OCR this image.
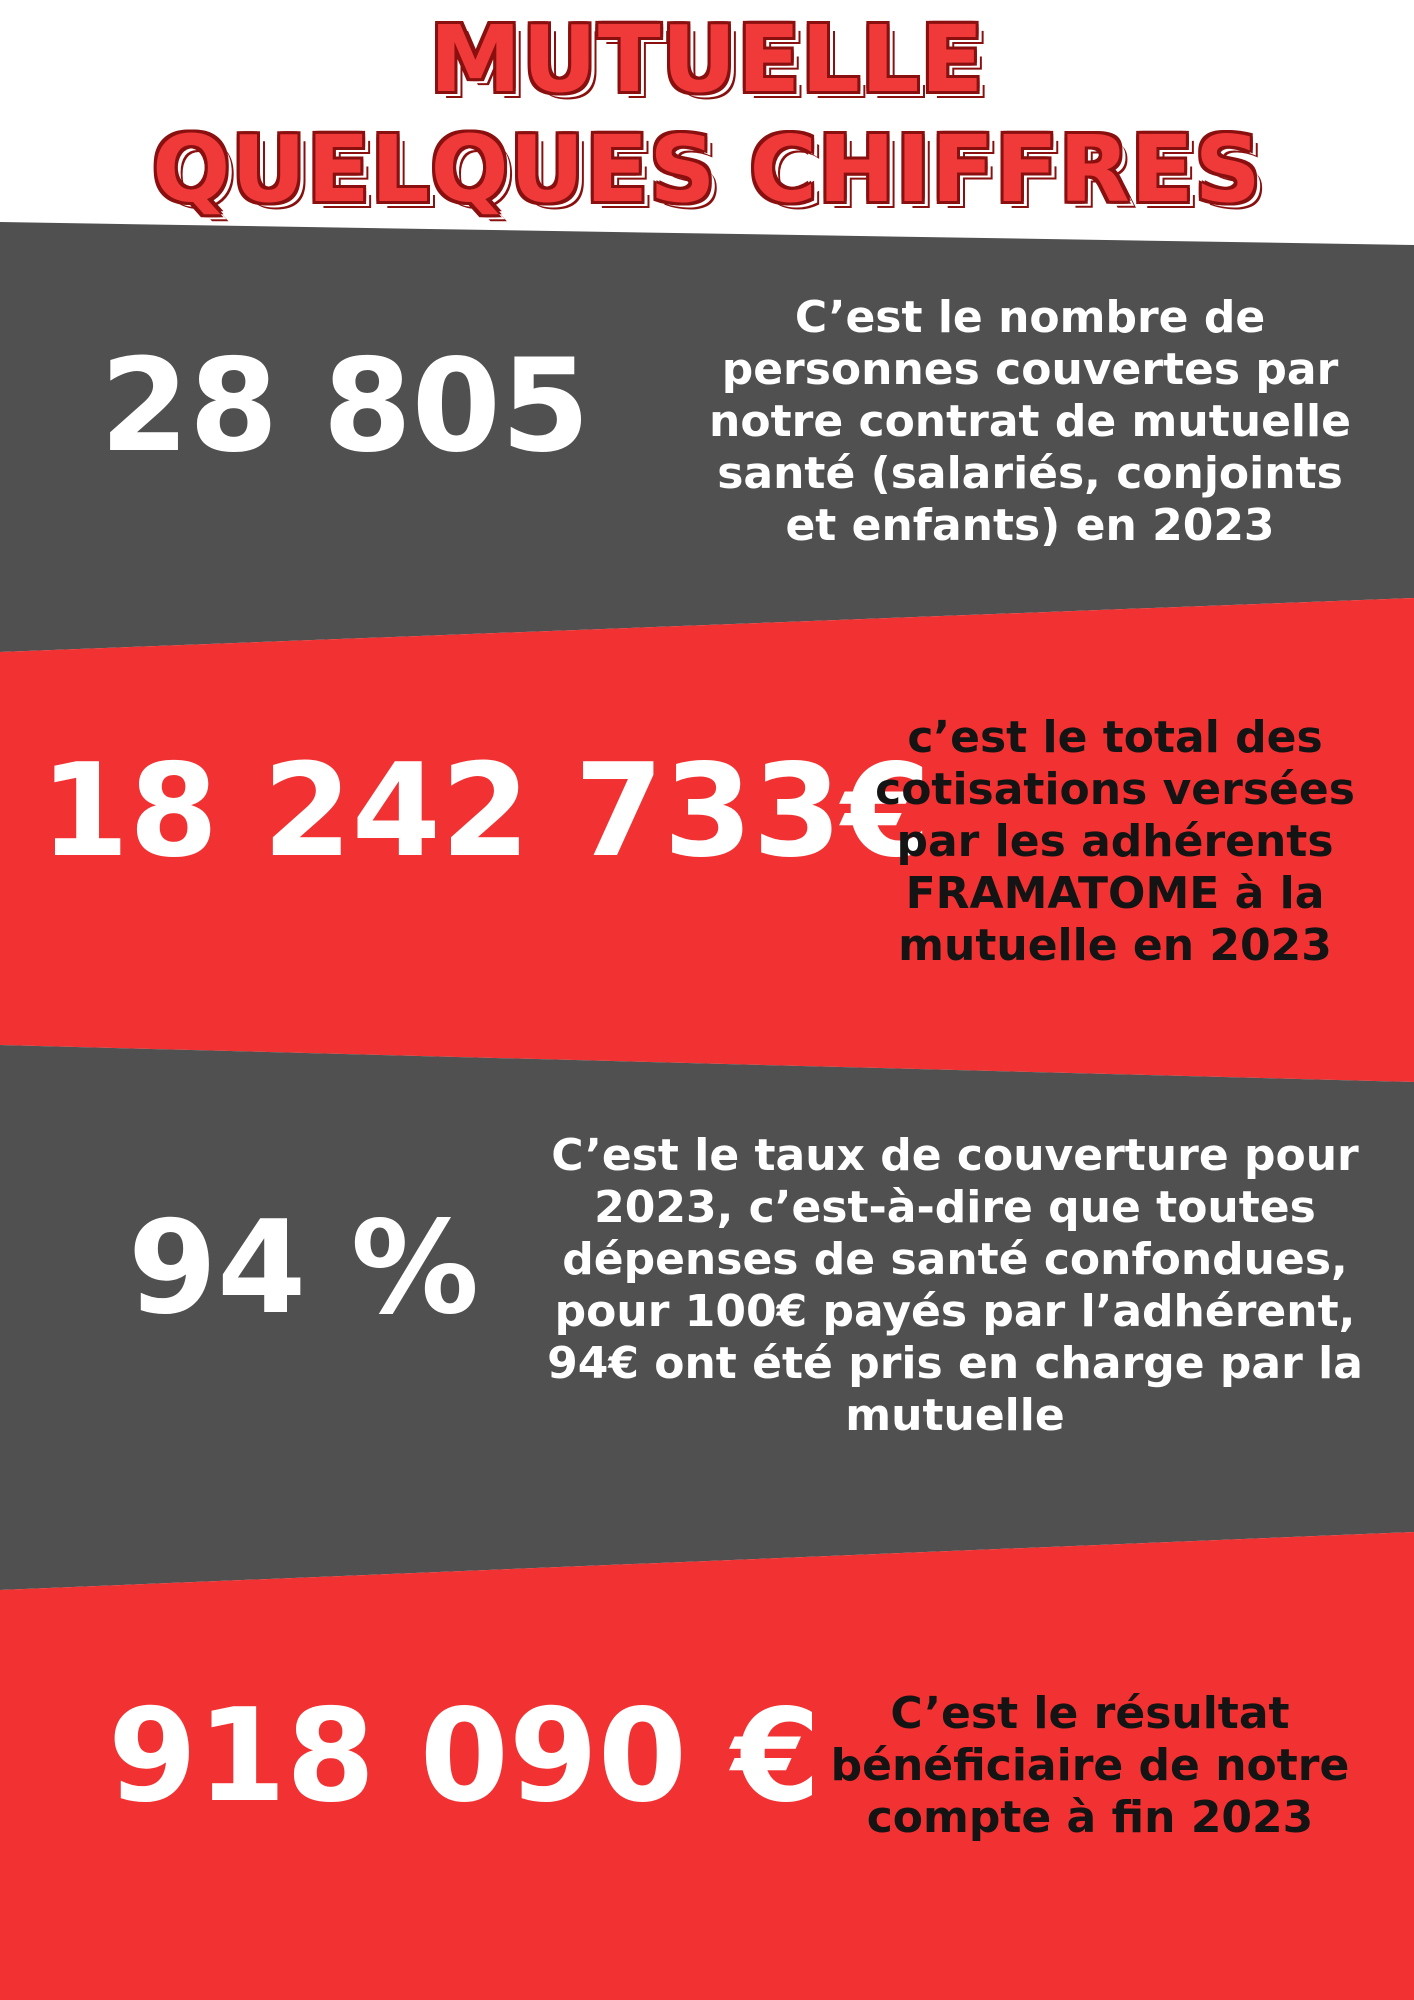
MUTUELLE
QUELQUES CHIFFRES
28 805
C’est le nombre de personnes couvertes par notre contrat de mutuelle santé (salariés, conjoints et enfants) en 2023
18 242 733€
c’est le total des cotisations versées par les adhérents FRAMATOME à la mutuelle en 2023
94 %
C’est le taux de couverture pour 2023, c’est-à-dire que toutes dépenses de santé confondues, pour 100€ payés par l’adhérent, 94€ ont été pris en charge par la mutuelle
918 090 €	C’est le résultat bénéficiaire de notre compte à fin 2023
